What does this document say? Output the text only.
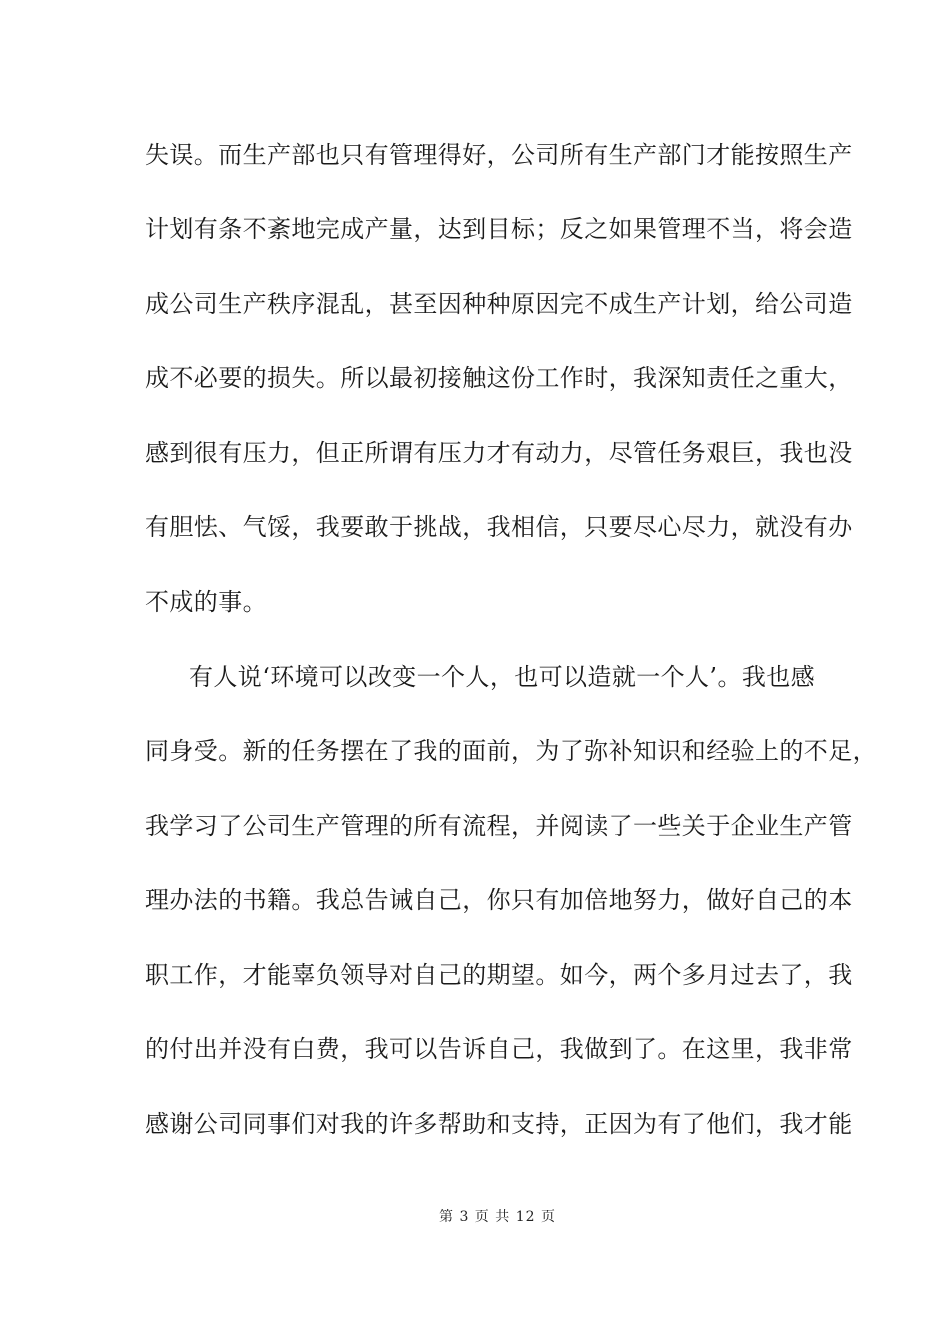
失误。而生产部也只有管理得好，公司所有生产部门才能按照生产
计划有条不紊地完成产量，达到目标；反之如果管理不当，将会造
成公司生产秩序混乱，甚至因种种原因完不成生产计划，给公司造
成不必要的损失。所以最初接触这份工作时，我深知责任之重大，
感到很有压力，但正所谓有压力才有动力，尽管任务艰巨，我也没
有胆怯、气馁，我要敢于挑战，我相信，只要尽心尽力，就没有办
不成的事。
有人说‘环境可以改变一个人，也可以造就一个人’。我也感
同身受。新的任务摆在了我的面前，为了弥补知识和经验上的不足，
我学习了公司生产管理的所有流程，并阅读了一些关于企业生产管
理办法的书籍。我总告诫自己，你只有加倍地努力，做好自己的本
职工作，才能辜负领导对自己的期望。如今，两个多月过去了，我
的付出并没有白费，我可以告诉自己，我做到了。在这里，我非常
感谢公司同事们对我的许多帮助和支持，正因为有了他们，我才能
第 3 页 共 12 页
